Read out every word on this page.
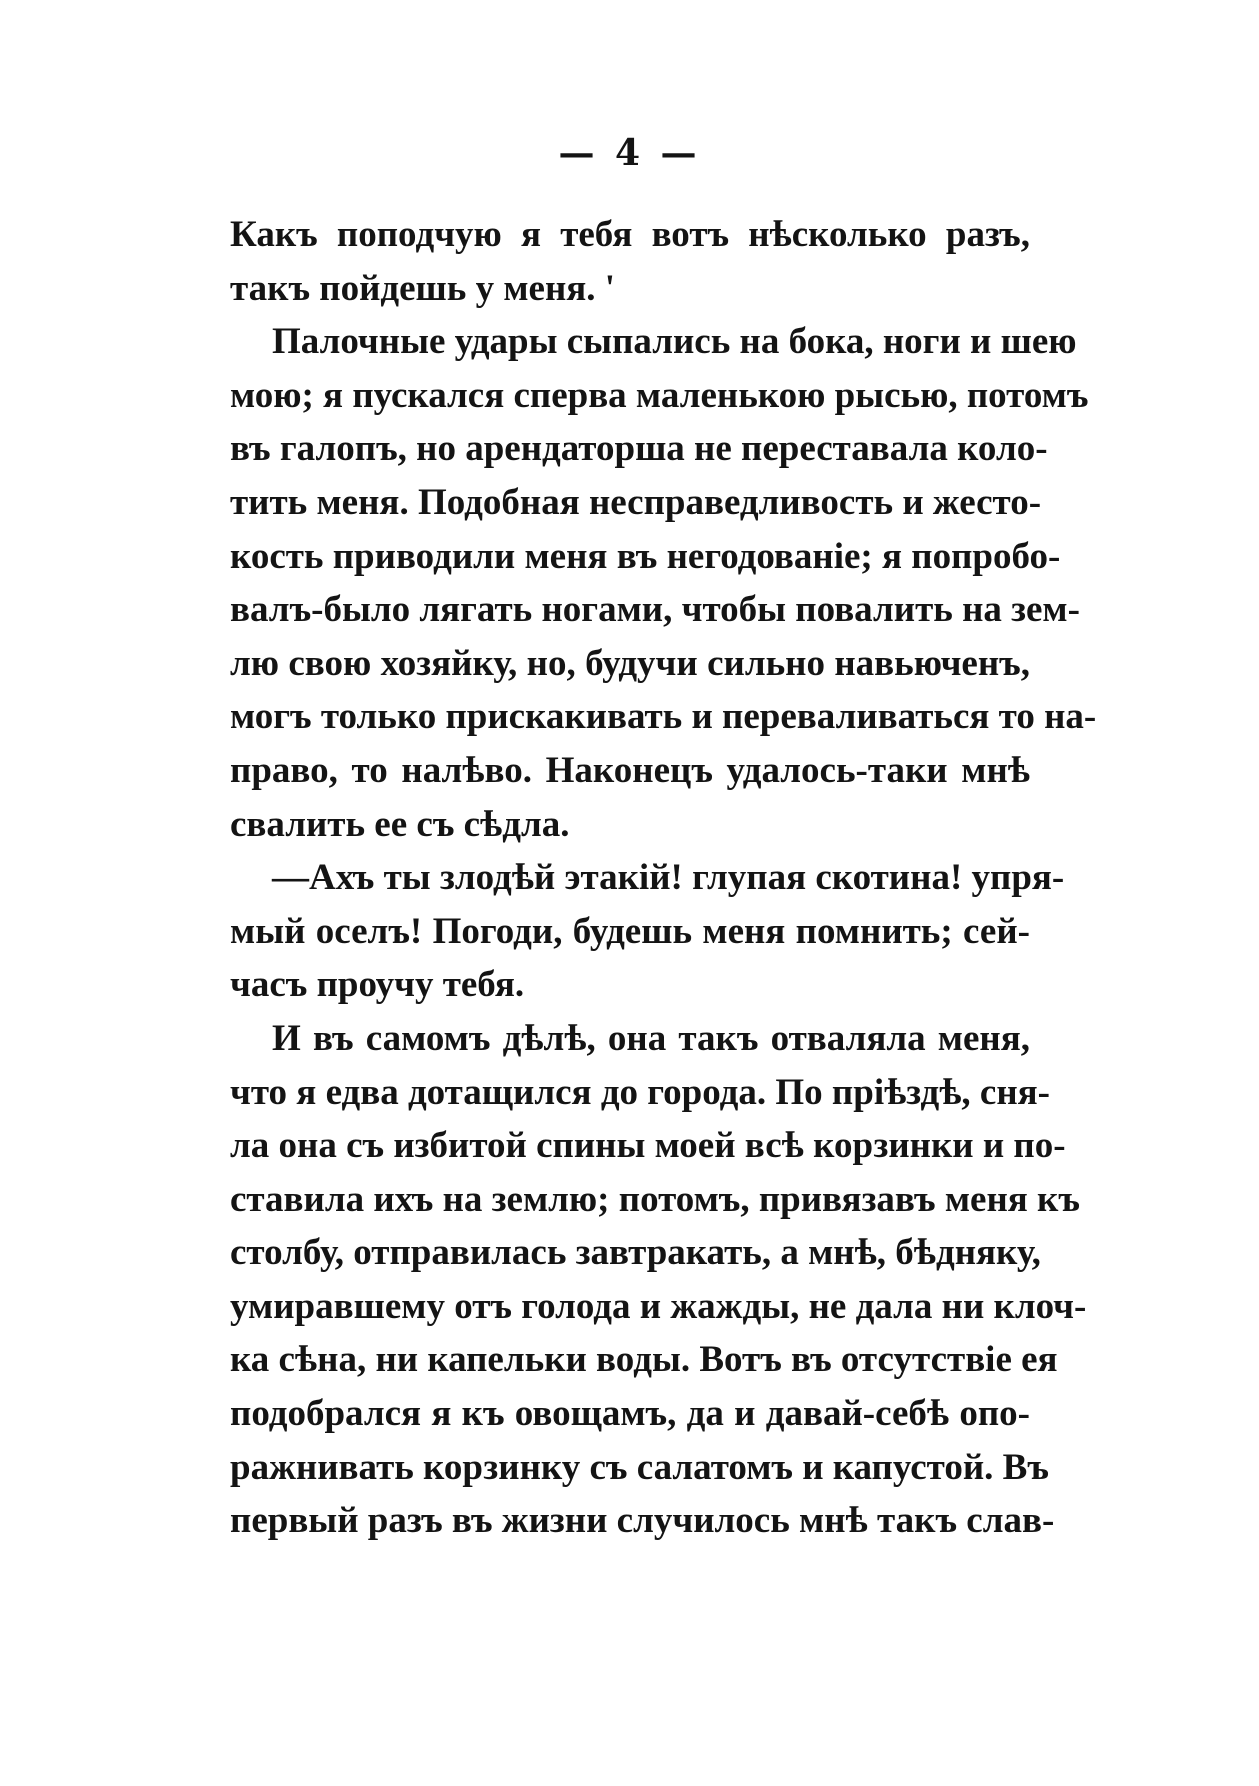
— 4 —
Какъ поподчую я тебя вотъ нѣсколько разъ,
такъ пойдешь у меня. '
Палочные удары сыпались на бока, ноги и шею
мою; я пускался сперва маленькою рысью, потомъ
въ галопъ, но арендаторша не переставала коло-
тить меня. Подобная несправедливость и жесто-
кость приводили меня въ негодованіе; я попробо-
валъ-было лягать ногами, чтобы повалить на зем-
лю свою хозяйку, но, будучи сильно навьюченъ,
могъ только прискакивать и переваливаться то на-
право, то налѣво. Наконецъ удалось-таки мнѣ
свалить ее съ сѣдла.
—Ахъ ты злодѣй этакій! глупая скотина! упря-
мый оселъ! Погоди, будешь меня помнить; сей-
часъ проучу тебя.
И въ самомъ дѣлѣ, она такъ отваляла меня,
что я едва дотащился до города. По пріѣздѣ, сня-
ла она съ избитой спины моей всѣ корзинки и по-
ставила ихъ на землю; потомъ, привязавъ меня къ
столбу, отправилась завтракать, а мнѣ, бѣдняку,
умиравшему отъ голода и жажды, не дала ни клоч-
ка сѣна, ни капельки воды. Вотъ въ отсутствіе ея
подобрался я къ овощамъ, да и давай-себѣ опо-
ражнивать корзинку съ салатомъ и капустой. Въ
первый разъ въ жизни случилось мнѣ такъ слав-
